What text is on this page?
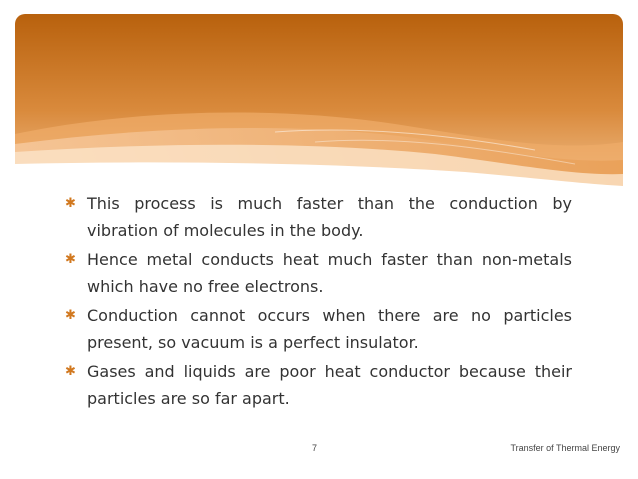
✱ This process is much faster than the conduction by vibration of molecules in the body.
✱ Hence metal conducts heat much faster than non-metals which have no free electrons.
✱ Conduction cannot occurs when there are no particles present, so vacuum is a perfect insulator.
✱ Gases and liquids are poor heat conductor because their particles are so far apart.
7	Transfer of Thermal Energy
